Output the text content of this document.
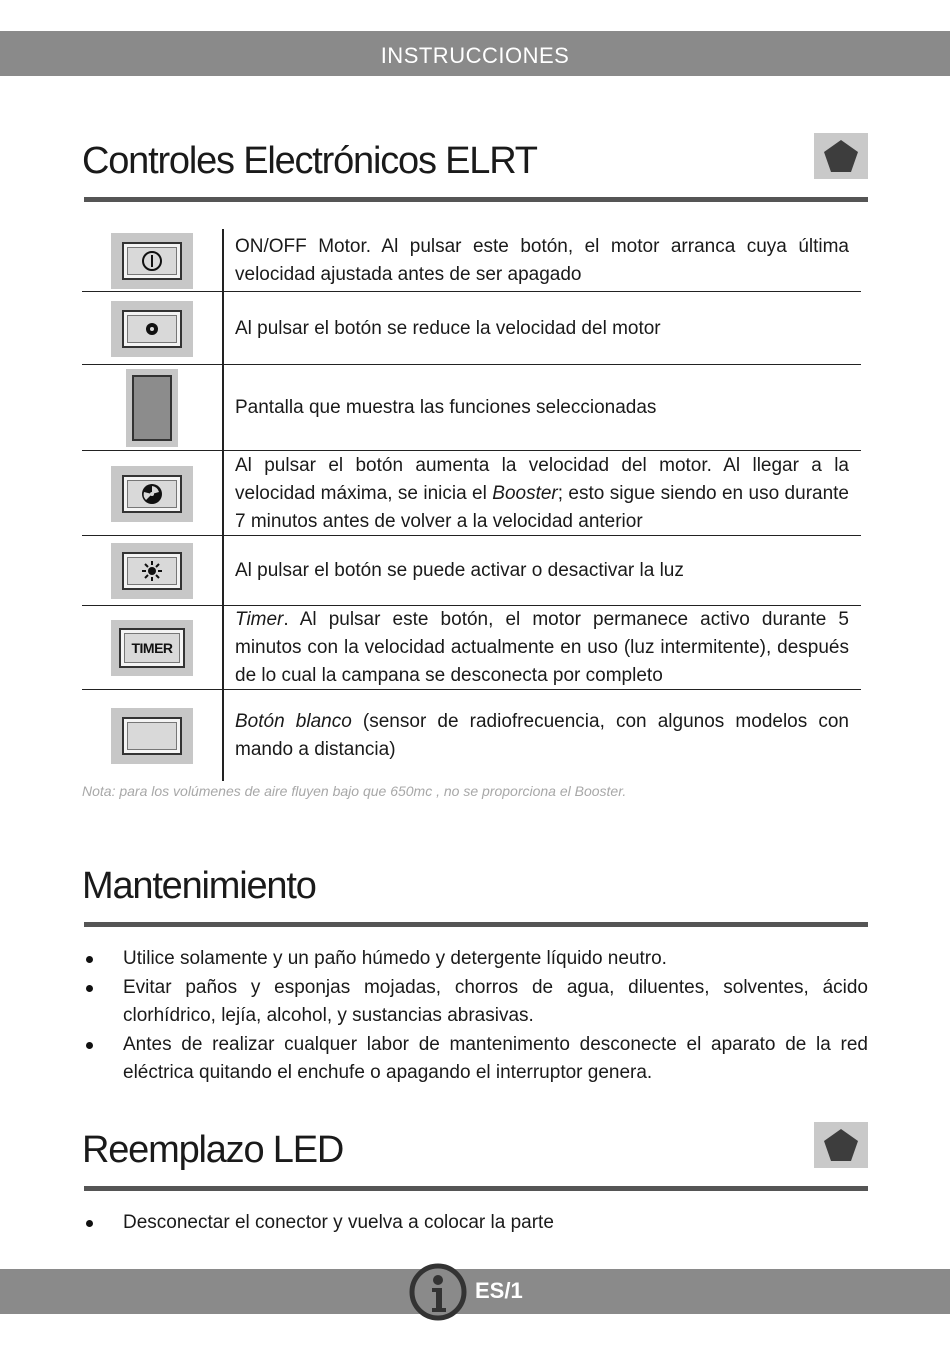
INSTRUCCIONES
Controles Electrónicos ELRT
ON/OFF Motor. Al pulsar este botón, el motor arranca cuya última velocidad ajustada antes de ser apagado
Al pulsar el botón se reduce la velocidad del motor
Pantalla que muestra las funciones seleccionadas
Al pulsar el botón aumenta la velocidad del motor. Al llegar a la velocidad máxima, se inicia el Booster; esto sigue siendo en uso durante 7 minutos antes de volver a la velocidad anterior
Al pulsar el botón se puede activar o desactivar la luz
TIMER
Timer. Al pulsar este botón, el motor permanece activo durante 5 minutos con la velocidad actualmente en uso (luz intermitente), después de lo cual la campana se desconecta por completo
Botón blanco (sensor de radiofrecuencia, con algunos modelos con mando a distancia)
Nota: para los volúmenes de aire fluyen bajo que 650mc , no se proporciona el Booster.
Mantenimiento
Utilice solamente y un paño húmedo y detergente líquido neutro.
Evitar paños y esponjas mojadas, chorros de agua, diluentes, solventes, ácido clorhídrico, lejía, alcohol, y sustancias abrasivas.
Antes de realizar cualquer labor de mantenimento desconecte el aparato de la red eléctrica quitando el enchufe o apagando el interruptor genera.
Reemplazo LED
Desconectar el conector y vuelva a colocar la parte
ES/1
